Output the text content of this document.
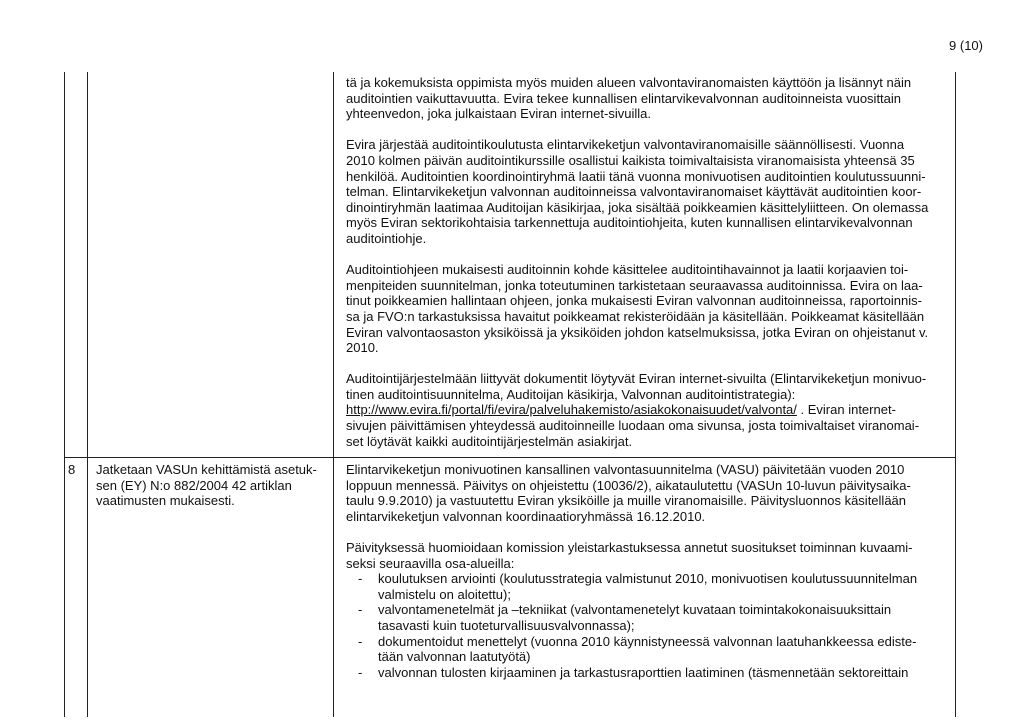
9 (10)

tä ja kokemuksista oppimista myös muiden alueen valvontaviranomaisten käyttöön ja lisännyt näin
auditointien vaikuttavuutta. Evira tekee kunnallisen elintarvikevalvonnan auditoinneista vuosittain
yhteenvedon, joka julkaistaan Eviran internet-sivuilla.

Evira järjestää auditointikoulutusta elintarvikeketjun valvontaviranomaisille säännöllisesti. Vuonna
2010 kolmen päivän auditointikurssille osallistui kaikista toimivaltaisista viranomaisista yhteensä 35
henkilöä. Auditointien koordinointiryhmä laatii tänä vuonna monivuotisen auditointien koulutussuunni-
telman. Elintarvikeketjun valvonnan auditoinneissa valvontaviranomaiset käyttävät auditointien koor-
dinointiryhmän laatimaa Auditoijan käsikirjaa, joka sisältää poikkeamien käsittelyliitteen. On olemassa
myös Eviran sektorikohtaisia tarkennettuja auditointiohjeita, kuten kunnallisen elintarvikevalvonnan
auditointiohje.

Auditointiohjeen mukaisesti auditoinnin kohde käsittelee auditointihavainnot ja laatii korjaavien toi-
menpiteiden suunnitelman, jonka toteutuminen tarkistetaan seuraavassa auditoinnissa. Evira on laa-
tinut poikkeamien hallintaan ohjeen, jonka mukaisesti Eviran valvonnan auditoinneissa, raportoinnis-
sa ja FVO:n tarkastuksissa havaitut poikkeamat rekisteröidään ja käsitellään. Poikkeamat käsitellään
Eviran valvontaosaston yksiköissä ja yksiköiden johdon katselmuksissa, jotka Eviran on ohjeistanut v.
2010.

Auditointijärjestelmään liittyvät dokumentit löytyvät Eviran internet-sivuilta (Elintarvikeketjun monivuo-

tinen auditointisuunnitelma, Auditoijan käsikirja, Valvonnan auditointistrategia):

http://www.evira.fi/portal/fi/evira/palveluhakemisto/asiakokonaisuudet/valvonta/ . Eviran internet-

sivujen päivittämisen yhteydessä auditoinneille luodaan oma sivunsa, josta toimivaltaiset viranomai-
set löytävät kaikki auditointijärjestelmän asiakirjat.

8 Jatketaan VASUn kehittämistä asetuk-
sen (EY) N:o 882/2004 42 artiklan
vaatimusten mukaisesti.

Elintarvikeketjun monivuotinen kansallinen valvontasuunnitelma (VASU) päivitetään vuoden 2010
loppuun mennessä. Päivitys on ohjeistettu (10036/2), aikataulutettu (VASUn 10-luvun päivitysaika-
taulu 9.9.2010) ja vastuutettu Eviran yksiköille ja muille viranomaisille. Päivitysluonnos käsitellään
elintarvikeketjun valvonnan koordinaatioryhmässä 16.12.2010.

Päivityksessä huomioidaan komission yleistarkastuksessa annetut suositukset toiminnan kuvaami-
seksi seuraavilla osa-alueilla:

- koulutuksen arviointi (koulutusstrategia valmistunut 2010, monivuotisen koulutussuunnitelman
valmistelu on aloitettu);

- valvontamenetelmät ja –tekniikat (valvontamenetelyt kuvataan toimintakokonaisuuksittain
tasavasti kuin tuoteturvallisuusvalvonnassa);

- dokumentoidut menettelyt (vuonna 2010 käynnistyneessä valvonnan laatuhankkeessa ediste-
tään valvonnan laatutyötä)

- valvonnan tulosten kirjaaminen ja tarkastusraporttien laatiminen (täsmennetään sektoreittain
